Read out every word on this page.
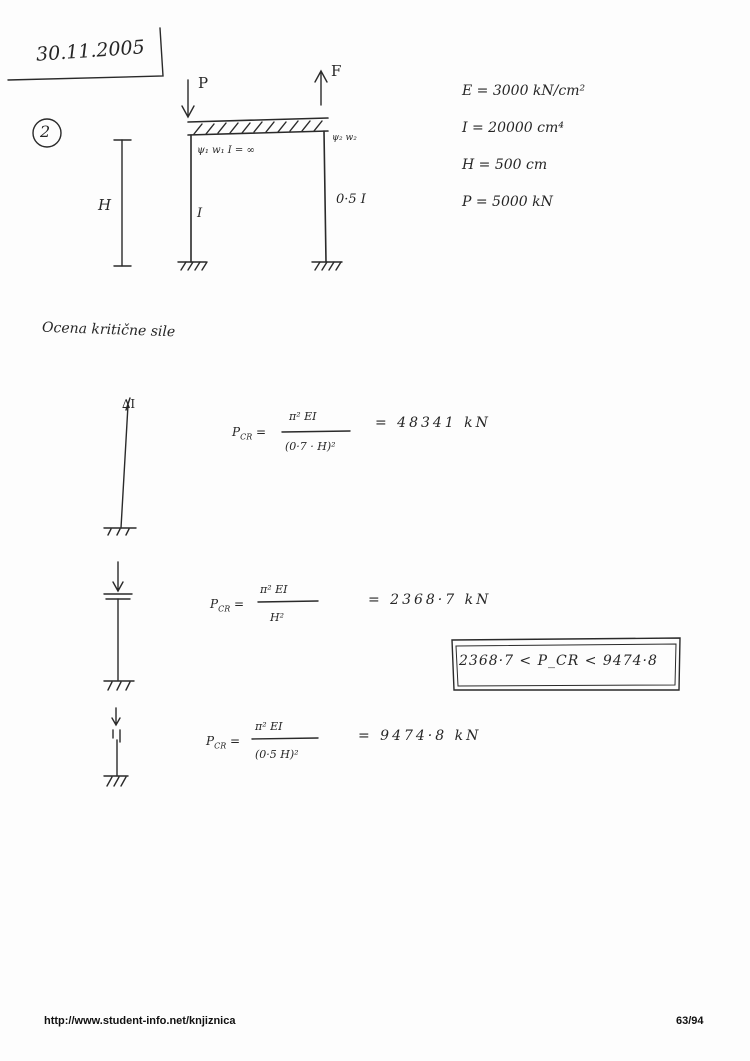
30.11.2005
2
P
F
H	I
ψ₁ w₁ I = ∞
ψ₂ w₂
0·5 I
E = 3000 kN/cm²
I = 20000 cm⁴
H = 500 cm
P = 5000 kN
Ocena kritične sile
∆I
$P_{CR}$ =
π² EI
(0·7 · H)²
= 48341 kN
$P_{CR}$ =
π² EI
H²
= 2368·7 kN
2368·7 < P_CR < 9474·8
$P_{CR}$ =
π² EI
(0·5 H)²
= 9474·8 kN
http://www.student-info.net/knjiznica	63/94
